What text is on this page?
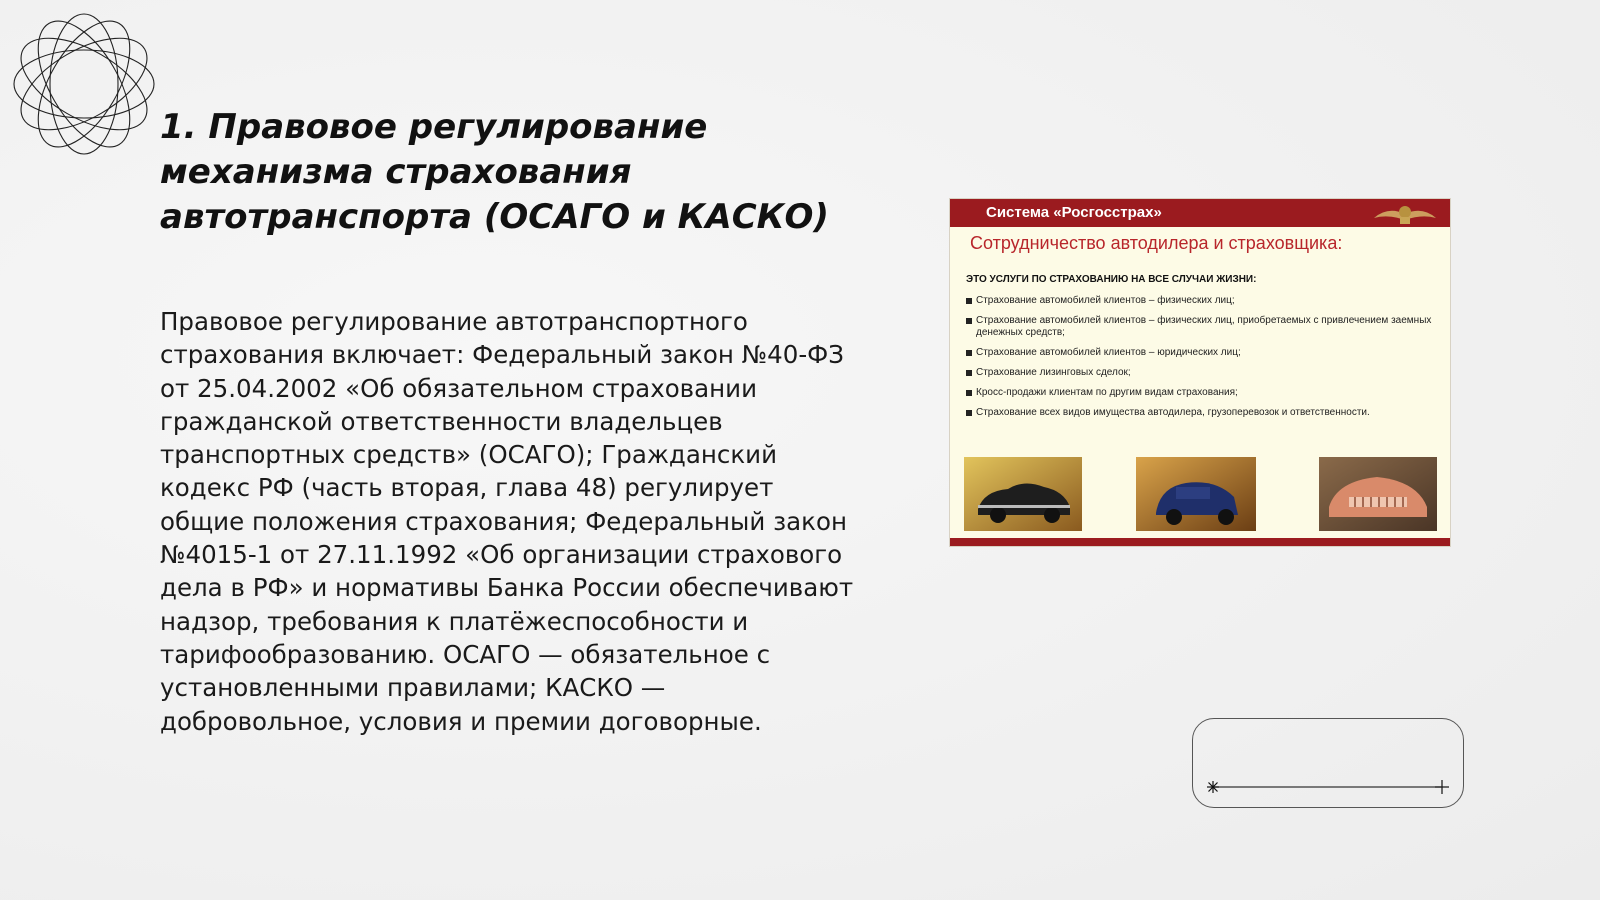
1. Правовое регулирование механизма страхования автотранспорта (ОСАГО и КАСКО)

Правовое регулирование автотранспортного страхования включает: Федеральный закон №40-ФЗ от 25.04.2002 «Об обязательном страховании гражданской ответственности владельцев транспортных средств» (ОСАГО); Гражданский кодекс РФ (часть вторая, глава 48) регулирует общие положения страхования; Федеральный закон №4015-1 от 27.11.1992 «Об организации страхового дела в РФ» и нормативы Банка России обеспечивают надзор, требования к платёжеспособности и тарифообразованию. ОСАГО — обязательное с установленными правилами; КАСКО — добровольное, условия и премии договорные.

Система «Росгосстрах»
Сотрудничество автодилера и страховщика:
ЭТО УСЛУГИ ПО СТРАХОВАНИЮ НА ВСЕ СЛУЧАИ ЖИЗНИ:
Страхование автомобилей клиентов – физических лиц;
Страхование автомобилей клиентов – физических лиц, приобретаемых с привлечением заемных денежных средств;
Страхование автомобилей клиентов – юридических лиц;
Страхование лизинговых сделок;
Кросс-продажи клиентам по другим видам страхования;
Страхование всех видов имущества автодилера, грузоперевозок и ответственности.
